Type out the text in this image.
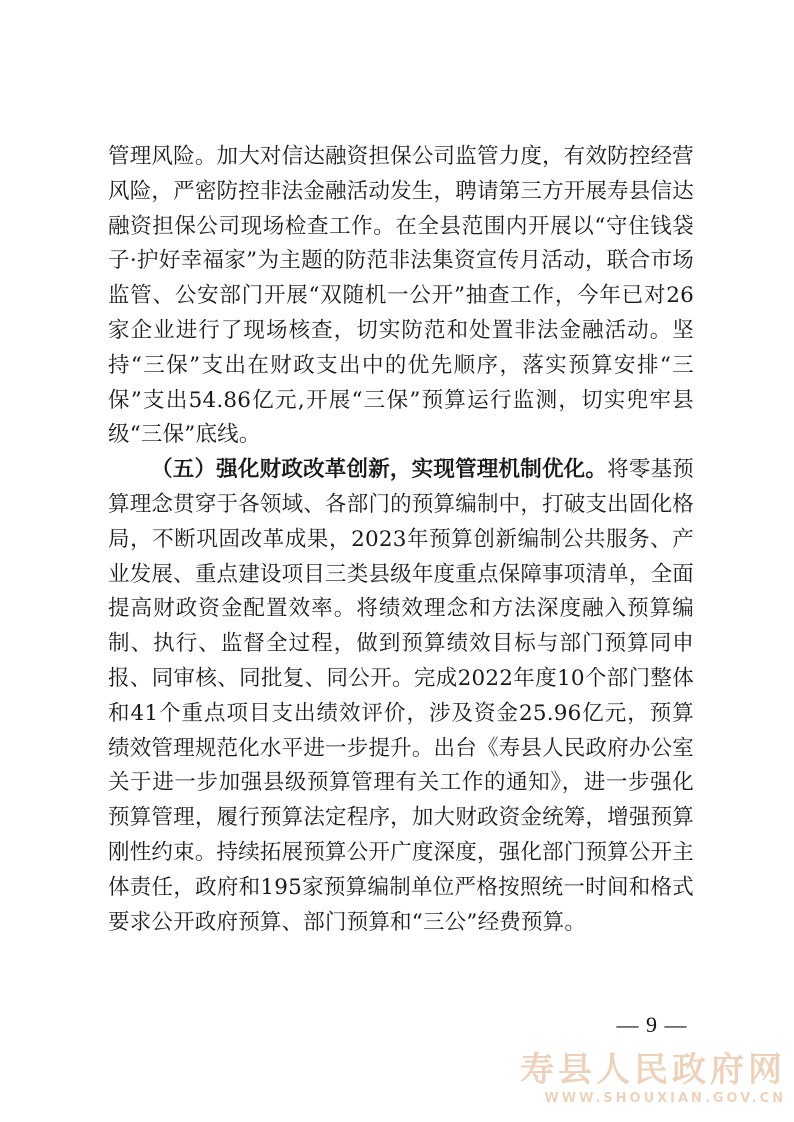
管理风险。加大对信达融资担保公司监管力度，有效防控经营风险，严密防控非法金融活动发生，聘请第三方开展寿县信达融资担保公司现场检查工作。在全县范围内开展以“守住钱袋子·护好幸福家”为主题的防范非法集资宣传月活动，联合市场监管、公安部门开展“双随机一公开”抽查工作，今年已对26家企业进行了现场核查，切实防范和处置非法金融活动。坚持“三保”支出在财政支出中的优先顺序，落实预算安排“三保”支出54.86亿元,开展“三保”预算运行监测，切实兜牢县级“三保”底线。

（五）强化财政改革创新，实现管理机制优化。将零基预算理念贯穿于各领域、各部门的预算编制中，打破支出固化格局，不断巩固改革成果，2023年预算创新编制公共服务、产业发展、重点建设项目三类县级年度重点保障事项清单，全面提高财政资金配置效率。将绩效理念和方法深度融入预算编制、执行、监督全过程，做到预算绩效目标与部门预算同申报、同审核、同批复、同公开。完成2022年度10个部门整体和41个重点项目支出绩效评价，涉及资金25.96亿元，预算绩效管理规范化水平进一步提升。出台《寿县人民政府办公室关于进一步加强县级预算管理有关工作的通知》，进一步强化预算管理，履行预算法定程序，加大财政资金统筹，增强预算刚性约束。持续拓展预算公开广度深度，强化部门预算公开主体责任，政府和195家预算编制单位严格按照统一时间和格式要求公开政府预算、部门预算和“三公”经费预算。

— 9 —
寿县人民政府网
WWW.SHOUXIAN.GOV.CN
